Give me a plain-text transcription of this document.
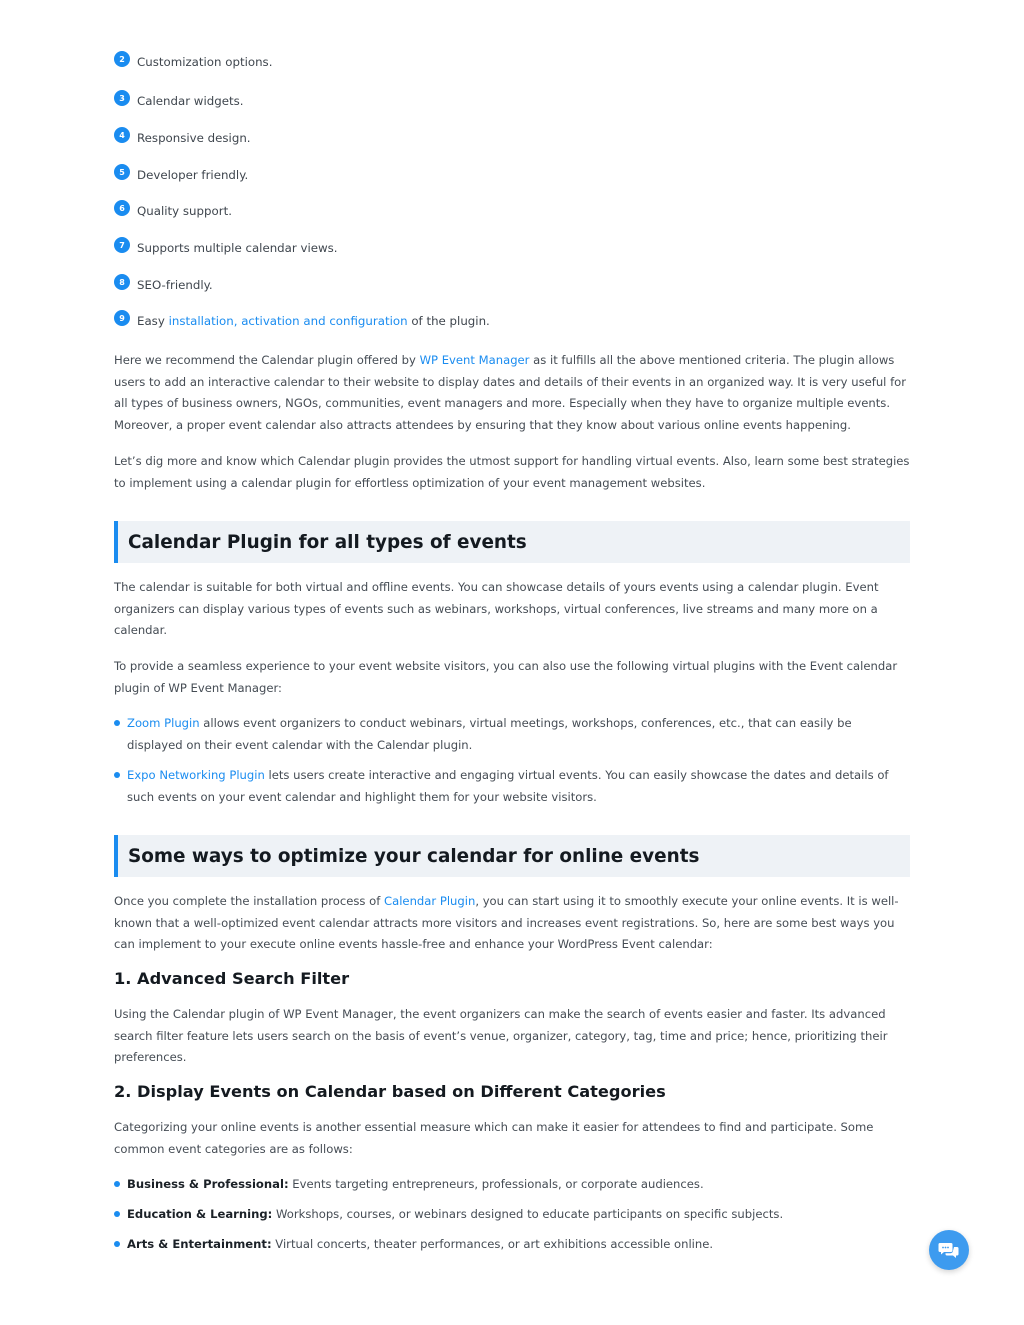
2	Customization options.
3	Calendar widgets.
4	Responsive design.
5	Developer friendly.
6	Quality support.
7	Supports multiple calendar views.
8	SEO-friendly.
9	Easy installation, activation and configuration of the plugin.

Here we recommend the Calendar plugin offered by WP Event Manager as it fulfills all the above mentioned criteria. The plugin allows users to add an interactive calendar to their website to display dates and details of their events in an organized way. It is very useful for all types of business owners, NGOs, communities, event managers and more. Especially when they have to organize multiple events. Moreover, a proper event calendar also attracts attendees by ensuring that they know about various online events happening.

Let’s dig more and know which Calendar plugin provides the utmost support for handling virtual events. Also, learn some best strategies to implement using a calendar plugin for effortless optimization of your event management websites.

Calendar Plugin for all types of events

The calendar is suitable for both virtual and offline events. You can showcase details of yours events using a calendar plugin. Event organizers can display various types of events such as webinars, workshops, virtual conferences, live streams and many more on a calendar.

To provide a seamless experience to your event website visitors, you can also use the following virtual plugins with the Event calendar plugin of WP Event Manager:

Zoom Plugin allows event organizers to conduct webinars, virtual meetings, workshops, conferences, etc., that can easily be displayed on their event calendar with the Calendar plugin.
Expo Networking Plugin lets users create interactive and engaging virtual events. You can easily showcase the dates and details of such events on your event calendar and highlight them for your website visitors.
Some ways to optimize your calendar for online events

Once you complete the installation process of Calendar Plugin, you can start using it to smoothly execute your online events. It is well-known that a well-optimized event calendar attracts more visitors and increases event registrations. So, here are some best ways you can implement to your execute online events hassle-free and enhance your WordPress Event calendar:

1. Advanced Search Filter

Using the Calendar plugin of WP Event Manager, the event organizers can make the search of events easier and faster. Its advanced search filter feature lets users search on the basis of event’s venue, organizer, category, tag, time and price; hence, prioritizing their preferences.

2. Display Events on Calendar based on Different Categories

Categorizing your online events is another essential measure which can make it easier for attendees to find and participate. Some common event categories are as follows:

Business & Professional: Events targeting entrepreneurs, professionals, or corporate audiences.
Education & Learning: Workshops, courses, or webinars designed to educate participants on specific subjects.
Arts & Entertainment: Virtual concerts, theater performances, or art exhibitions accessible online.
